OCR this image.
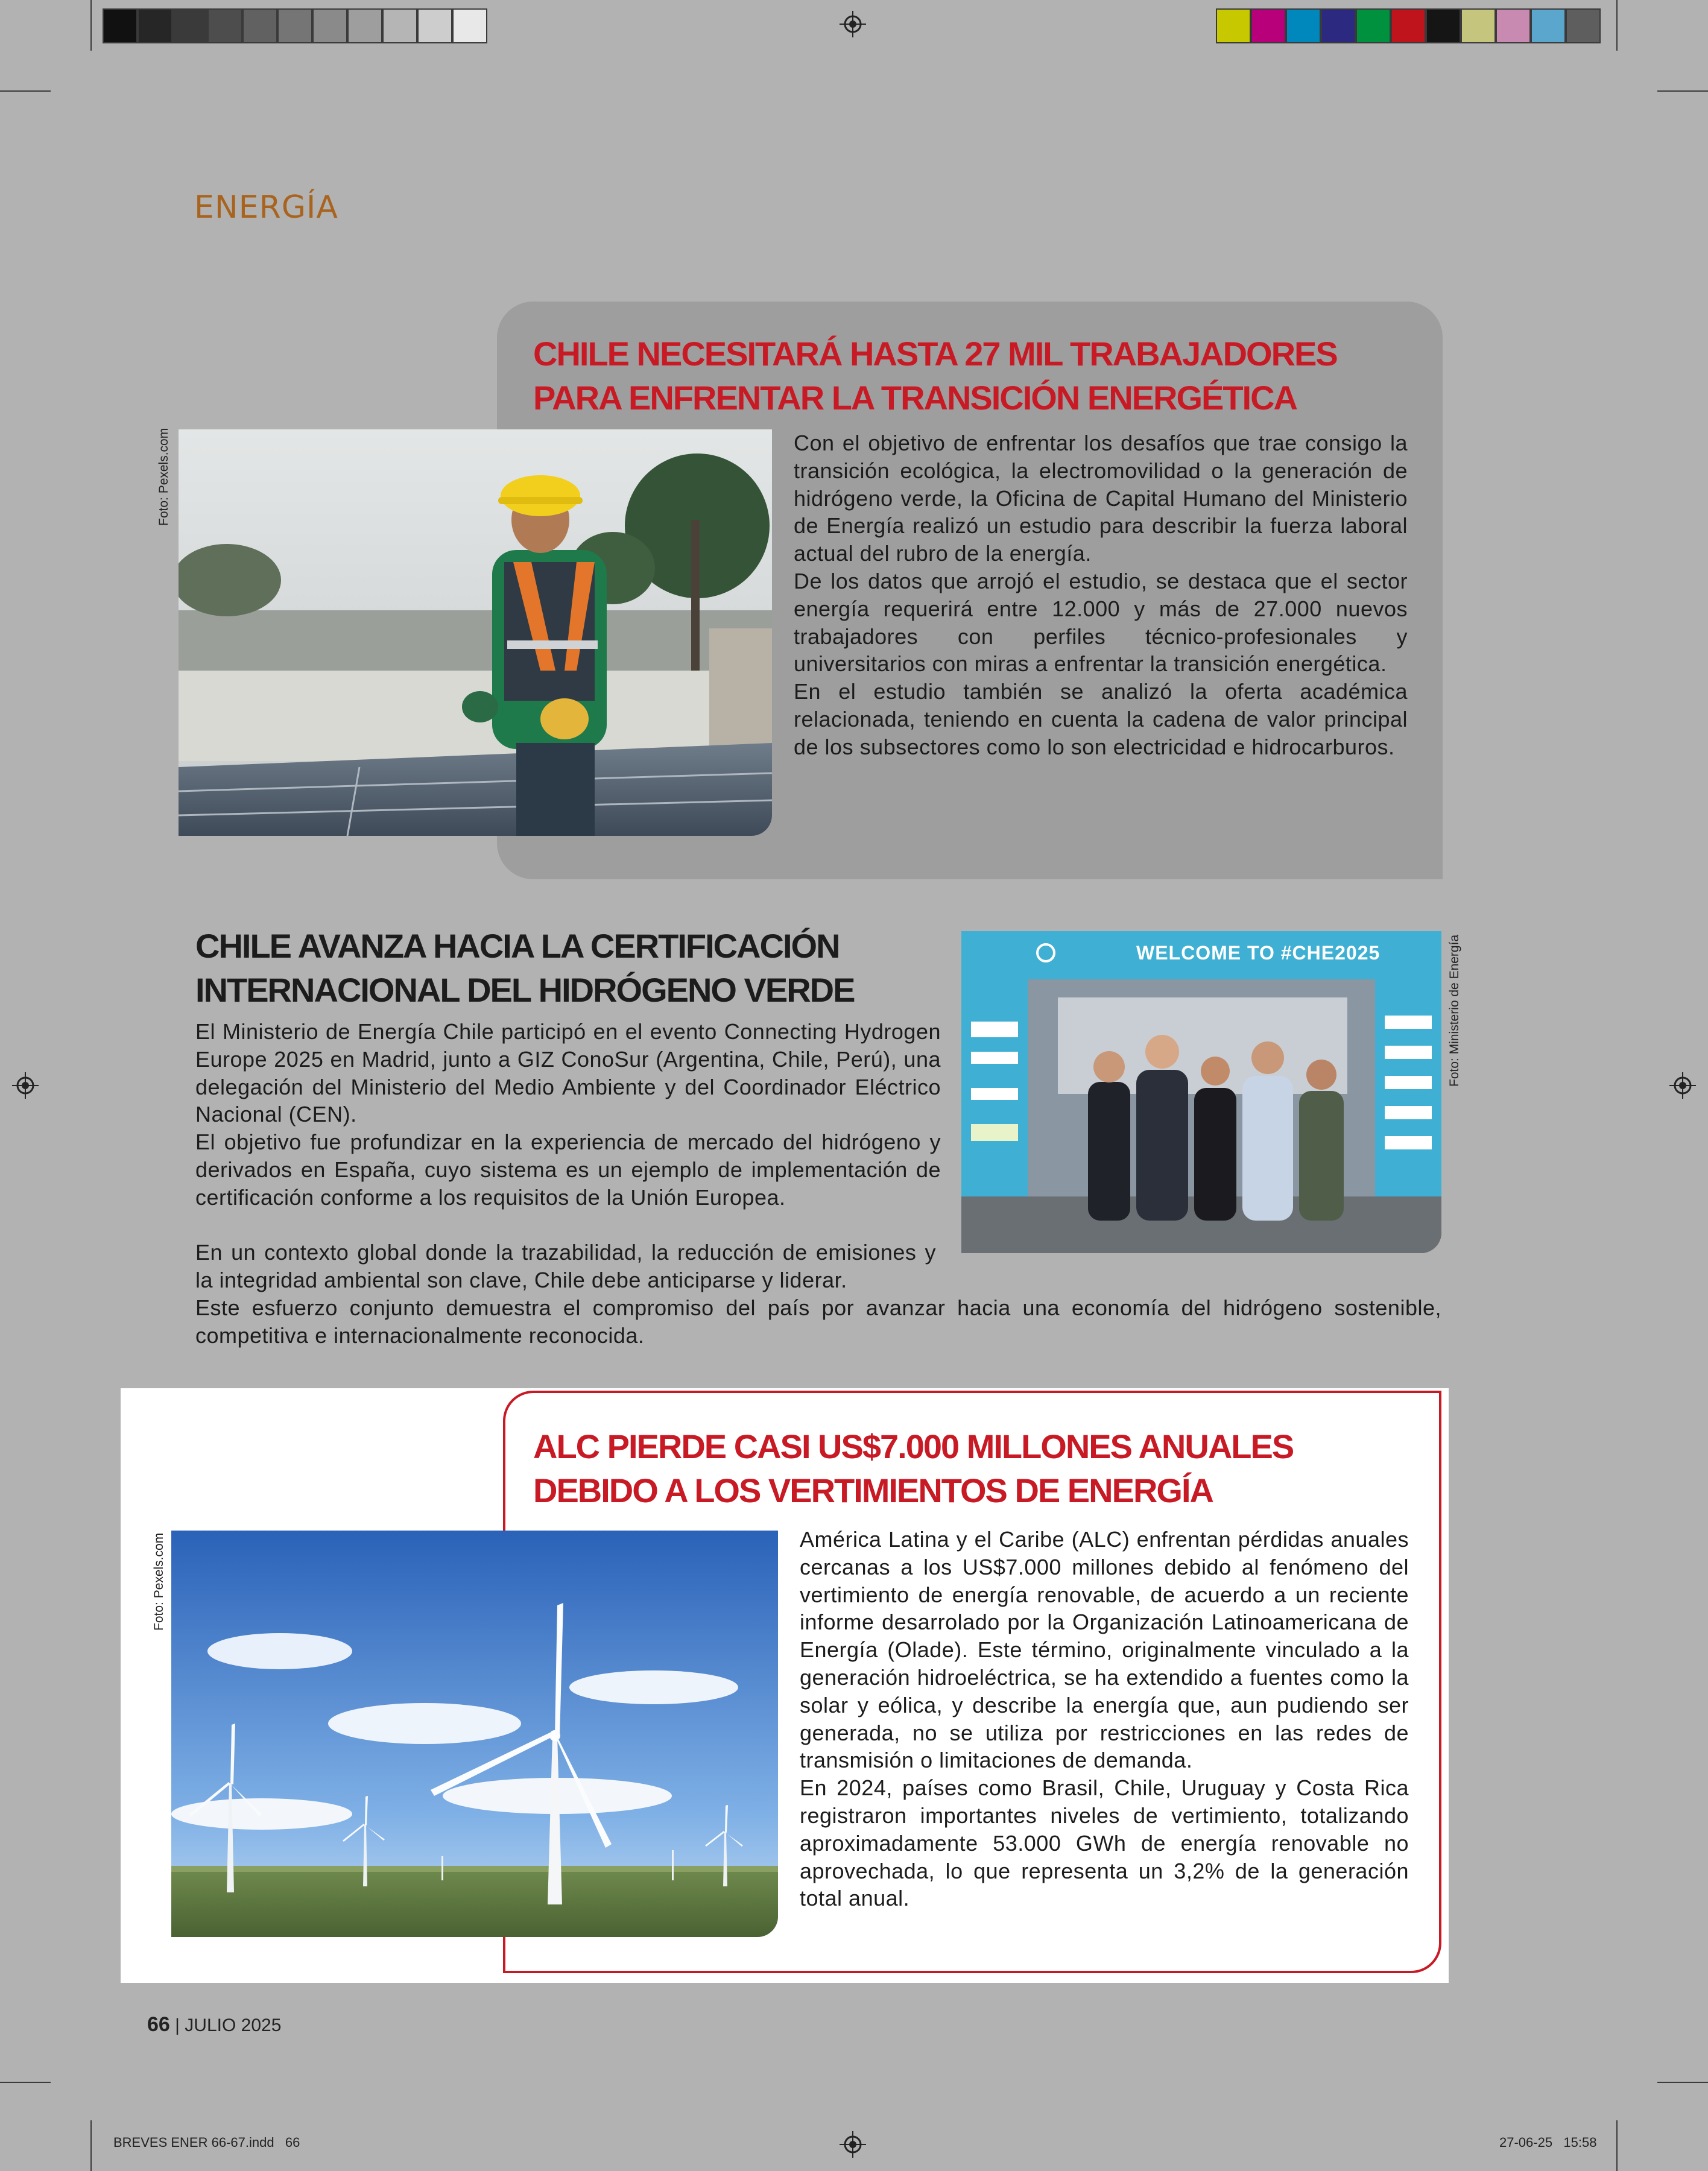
ENERGÍA
CHILE NECESITARÁ HASTA 27 MIL TRABAJADORES
PARA ENFRENTAR LA TRANSICIÓN ENERGÉTICA
Foto: Pexels.com	Con el objetivo de enfrentar los desafíos que trae consigo la transición ecológica, la electromovilidad o la generación de hidrógeno verde, la Oficina de Capital Humano del Ministerio de Energía realizó un estudio para describir la fuerza laboral actual del rubro de la energía.

De los datos que arrojó el estudio, se destaca que el sector energía requerirá entre 12.000 y más de 27.000 nuevos trabajadores con perfiles técnico-profesionales y universitarios con miras a enfrentar la transición energética.

En el estudio también se analizó la oferta académica relacionada, teniendo en cuenta la cadena de valor principal de los subsectores como lo son electricidad e hidrocarburos.

CHILE AVANZA HACIA LA CERTIFICACIÓN
INTERNACIONAL DEL HIDRÓGENO VERDE
WELCOME TO #CHE2025	Foto: Ministerio de Energía

El Ministerio de Energía Chile participó en el evento Connecting Hydrogen Europe 2025 en Madrid, junto a GIZ ConoSur (Argentina, Chile, Perú), una delegación del Ministerio del Medio Ambiente y del Coordinador Eléctrico Nacional (CEN).

El objetivo fue profundizar en la experiencia de mercado del hidrógeno y derivados en España, cuyo sistema es un ejemplo de implementación de certificación conforme a los requisitos de la Unión Europea.

En un contexto global donde la trazabilidad, la reducción de emisiones y la integridad ambiental son clave, Chile debe anticiparse y liderar.

Este esfuerzo conjunto demuestra el compromiso del país por avanzar hacia una economía del hidrógeno sostenible, competitiva e internacionalmente reconocida.

ALC PIERDE CASI US$7.000 MILLONES ANUALES
DEBIDO A LOS VERTIMIENTOS DE ENERGÍA
Foto: Pexels.com	América Latina y el Caribe (ALC) enfrentan pérdidas anuales cercanas a los US$7.000 millones debido al fenómeno del vertimiento de energía renovable, de acuerdo a un reciente informe desarrolado por la Organización Latinoamericana de Energía (Olade). Este término, originalmente vinculado a la generación hidroeléctrica, se ha extendido a fuentes como la solar y eólica, y describe la energía que, aun pudiendo ser generada, no se utiliza por restricciones en las redes de transmisión o limitaciones de demanda.

En 2024, países como Brasil, Chile, Uruguay y Costa Rica registraron importantes niveles de vertimiento, totalizando aproximadamente 53.000 GWh de energía renovable no aprovechada, lo que representa un 3,2% de la generación total anual.

66 | JULIO 2025
BREVES ENER 66-67.indd   66	27-06-25   15:58
